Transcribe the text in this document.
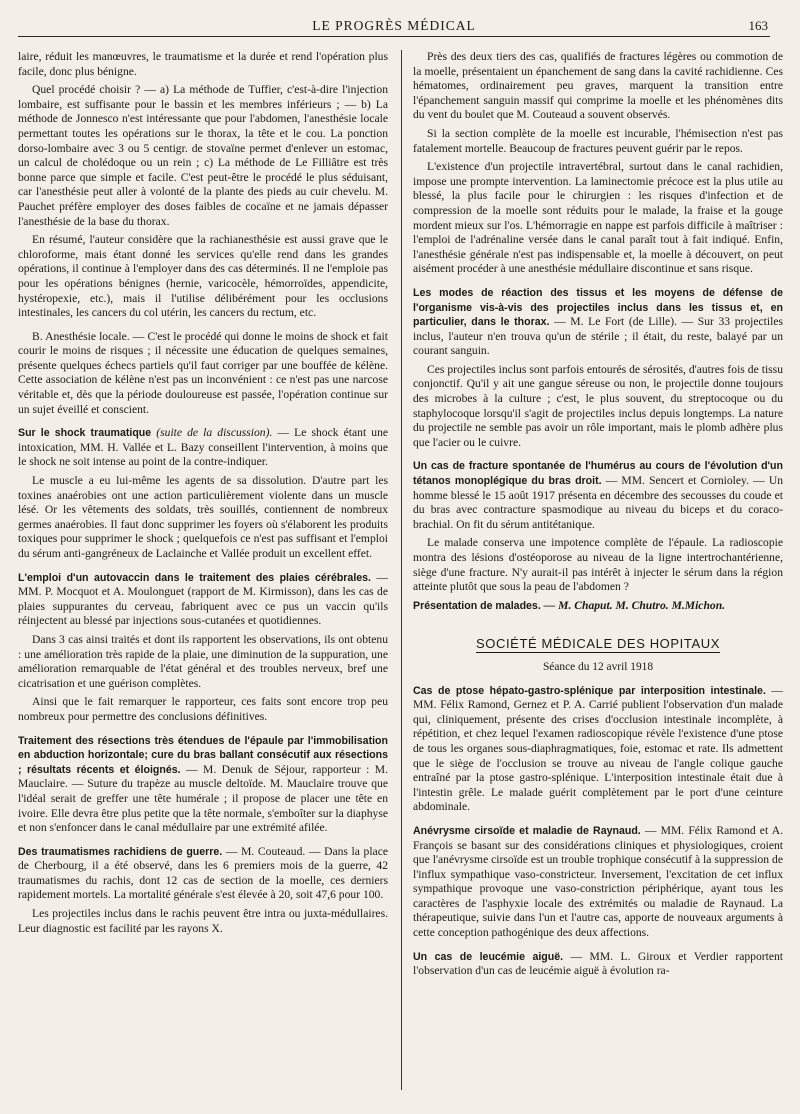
LE PROGRÈS MÉDICAL	163

laire, réduit les manœuvres, le traumatisme et la durée et rend l'opération plus facile, donc plus bénigne.

Quel procédé choisir ? — a) La méthode de Tuffier, c'est-à-dire l'injection lombaire, est suffisante pour le bassin et les membres inférieurs ; — b) La méthode de Jonnesco n'est intéressante que pour l'abdomen, l'anesthésie locale permettant toutes les opérations sur le thorax, la tête et le cou. La ponction dorso-lombaire avec 3 ou 5 centigr. de stovaïne permet d'enlever un estomac, un calcul de cholédoque ou un rein ; c) La méthode de Le Filliâtre est très bonne parce que simple et facile. C'est peut-être le procédé le plus séduisant, car l'anesthésie peut aller à volonté de la plante des pieds au cuir chevelu. M. Pauchet préfère employer des doses faibles de cocaïne et ne jamais dépasser l'anesthésie de la base du thorax.

En résumé, l'auteur considère que la rachianesthésie est aussi grave que le chloroforme, mais étant donné les services qu'elle rend dans les grandes opérations, il continue à l'employer dans des cas déterminés. Il ne l'emploie pas pour les opérations bénignes (hernie, varicocèle, hémorroïdes, appendicite, hystéropexie, etc.), mais il l'utilise délibérément pour les occlusions intestinales, les cancers du col utérin, les cancers du rectum, etc.

B. Anesthésie locale. — C'est le procédé qui donne le moins de shock et fait courir le moins de risques ; il nécessite une éducation de quelques semaines, présente quelques échecs partiels qu'il faut corriger par une bouffée de kélène. Cette association de kélène n'est pas un inconvénient : ce n'est pas une narcose véritable et, dès que la période douloureuse est passée, l'opération continue sur un sujet éveillé et conscient.

Sur le shock traumatique (suite de la discussion). — Le shock étant une intoxication, MM. H. Vallée et L. Bazy conseillent l'intervention, à moins que le shock ne soit intense au point de la contre-indiquer.

Le muscle a eu lui-même les agents de sa dissolution. D'autre part les toxines anaérobies ont une action particulièrement violente dans un muscle lésé. Or les vêtements des soldats, très souillés, contiennent de nombreux germes anaérobies. Il faut donc supprimer les foyers où s'élaborent les produits toxiques pour supprimer le shock ; quelquefois ce n'est pas suffisant et l'emploi du sérum anti-gangréneux de Laclainche et Vallée produit un excellent effet.

L'emploi d'un autovaccin dans le traitement des plaies cérébrales. — MM. P. Mocquot et A. Moulonguet (rapport de M. Kirmisson), dans les cas de plaies suppurantes du cerveau, fabriquent avec ce pus un vaccin qu'ils réinjectent au blessé par injections sous-cutanées et quotidiennes.

Dans 3 cas ainsi traités et dont ils rapportent les observations, ils ont obtenu : une amélioration très rapide de la plaie, une diminution de la suppuration, une amélioration remarquable de l'état général et des troubles nerveux, bref une cicatrisation et une guérison complètes.

Ainsi que le fait remarquer le rapporteur, ces faits sont encore trop peu nombreux pour permettre des conclusions définitives.

Traitement des résections très étendues de l'épaule par l'immobilisation en abduction horizontale; cure du bras ballant consécutif aux résections ; résultats récents et éloignés. — M. Denuk de Séjour, rapporteur : M. Mauclaire. — Suture du trapèze au muscle deltoïde. M. Mauclaire trouve que l'idéal serait de greffer une tête humérale ; il propose de placer une tête en ivoire. Elle devra être plus petite que la tête normale, s'emboîter sur la diaphyse et non s'enfoncer dans le canal médullaire par une extrémité afilée.

Des traumatismes rachidiens de guerre. — M. Couteaud. — Dans la place de Cherbourg, il a été observé, dans les 6 premiers mois de la guerre, 42 traumatismes du rachis, dont 12 cas de section de la moelle, ces derniers rapidement mortels. La mortalité générale s'est élevée à 20, soit 47,6 pour 100.

Les projectiles inclus dans le rachis peuvent être intra ou juxta-médullaires. Leur diagnostic est facilité par les rayons X.

Près des deux tiers des cas, qualifiés de fractures légères ou commotion de la moelle, présentaient un épanchement de sang dans la cavité rachidienne. Ces hématomes, ordinairement peu graves, marquent la transition entre l'épanchement sanguin massif qui comprime la moelle et les phénomènes dits du vent du boulet que M. Couteaud a souvent observés.

Si la section complète de la moelle est incurable, l'hémisection n'est pas fatalement mortelle. Beaucoup de fractures peuvent guérir par le repos.

L'existence d'un projectile intravertébral, surtout dans le canal rachidien, impose une prompte intervention. La laminectomie précoce est la plus utile au blessé, la plus facile pour le chirurgien : les risques d'infection et de compression de la moelle sont réduits pour le malade, la fraise et la gouge mordent mieux sur l'os. L'hémorragie en nappe est parfois difficile à maîtriser : l'emploi de l'adrénaline versée dans le canal paraît tout à fait indiqué. Enfin, l'anesthésie générale n'est pas indispensable et, la moelle à découvert, on peut aisément procéder à une anesthésie médullaire discontinue et sans risque.

Les modes de réaction des tissus et les moyens de défense de l'organisme vis-à-vis des projectiles inclus dans les tissus et, en particulier, dans le thorax. — M. Le Fort (de Lille). — Sur 33 projectiles inclus, l'auteur n'en trouva qu'un de stérile ; il était, du reste, balayé par un courant sanguin.

Ces projectiles inclus sont parfois entourés de sérosités, d'autres fois de tissu conjonctif. Qu'il y ait une gangue séreuse ou non, le projectile donne toujours des microbes à la culture ; c'est, le plus souvent, du streptocoque ou du staphylocoque lorsqu'il s'agit de projectiles inclus depuis longtemps. La nature du projectile ne semble pas avoir un rôle important, mais le plomb adhère plus que l'acier ou le cuivre.

Un cas de fracture spontanée de l'humérus au cours de l'évolution d'un tétanos monoplégique du bras droit. — MM. Sencert et Cornioley. — Un homme blessé le 15 août 1917 présenta en décembre des secousses du coude et du bras avec contracture spasmodique au niveau du biceps et du coraco-brachial. On fit du sérum antitétanique.

Le malade conserva une impotence complète de l'épaule. La radioscopie montra des lésions d'ostéoporose au niveau de la ligne intertrochantérienne, siège d'une fracture. N'y aurait-il pas intérêt à injecter le sérum dans la région atteinte plutôt que sous la peau de l'abdomen ?

Présentation de malades. — M. Chaput. M. Chutro. M.Michon.

SOCIÉTÉ MÉDICALE DES HOPITAUX
Séance du 12 avril 1918

Cas de ptose hépato-gastro-splénique par interposition intestinale. — MM. Félix Ramond, Gernez et P. A. Carrié publient l'observation d'un malade qui, cliniquement, présente des crises d'occlusion intestinale incomplète, à répétition, et chez lequel l'examen radioscopique révèle l'existence d'une ptose de tous les organes sous-diaphragmatiques, foie, estomac et rate. Ils admettent que le siège de l'occlusion se trouve au niveau de l'angle colique gauche entraîné par la ptose gastro-splénique. L'interposition intestinale était due à l'intestin grêle. Le malade guérit complètement par le port d'une ceinture abdominale.

Anévrysme cirsoïde et maladie de Raynaud. — MM. Félix Ramond et A. François se basant sur des considérations cliniques et physiologiques, croient que l'anévrysme cirsoïde est un trouble trophique consécutif à la suppression de l'influx sympathique vaso-constricteur. Inversement, l'excitation de cet influx sympathique provoque une vaso-constriction périphérique, ayant tous les caractères de l'asphyxie locale des extrémités ou maladie de Raynaud. La thérapeutique, suivie dans l'un et l'autre cas, apporte de nouveaux arguments à cette conception pathogénique des deux affections.

Un cas de leucémie aiguë. — MM. L. Giroux et Verdier rapportent l'observation d'un cas de leucémie aiguë à évolution ra-
